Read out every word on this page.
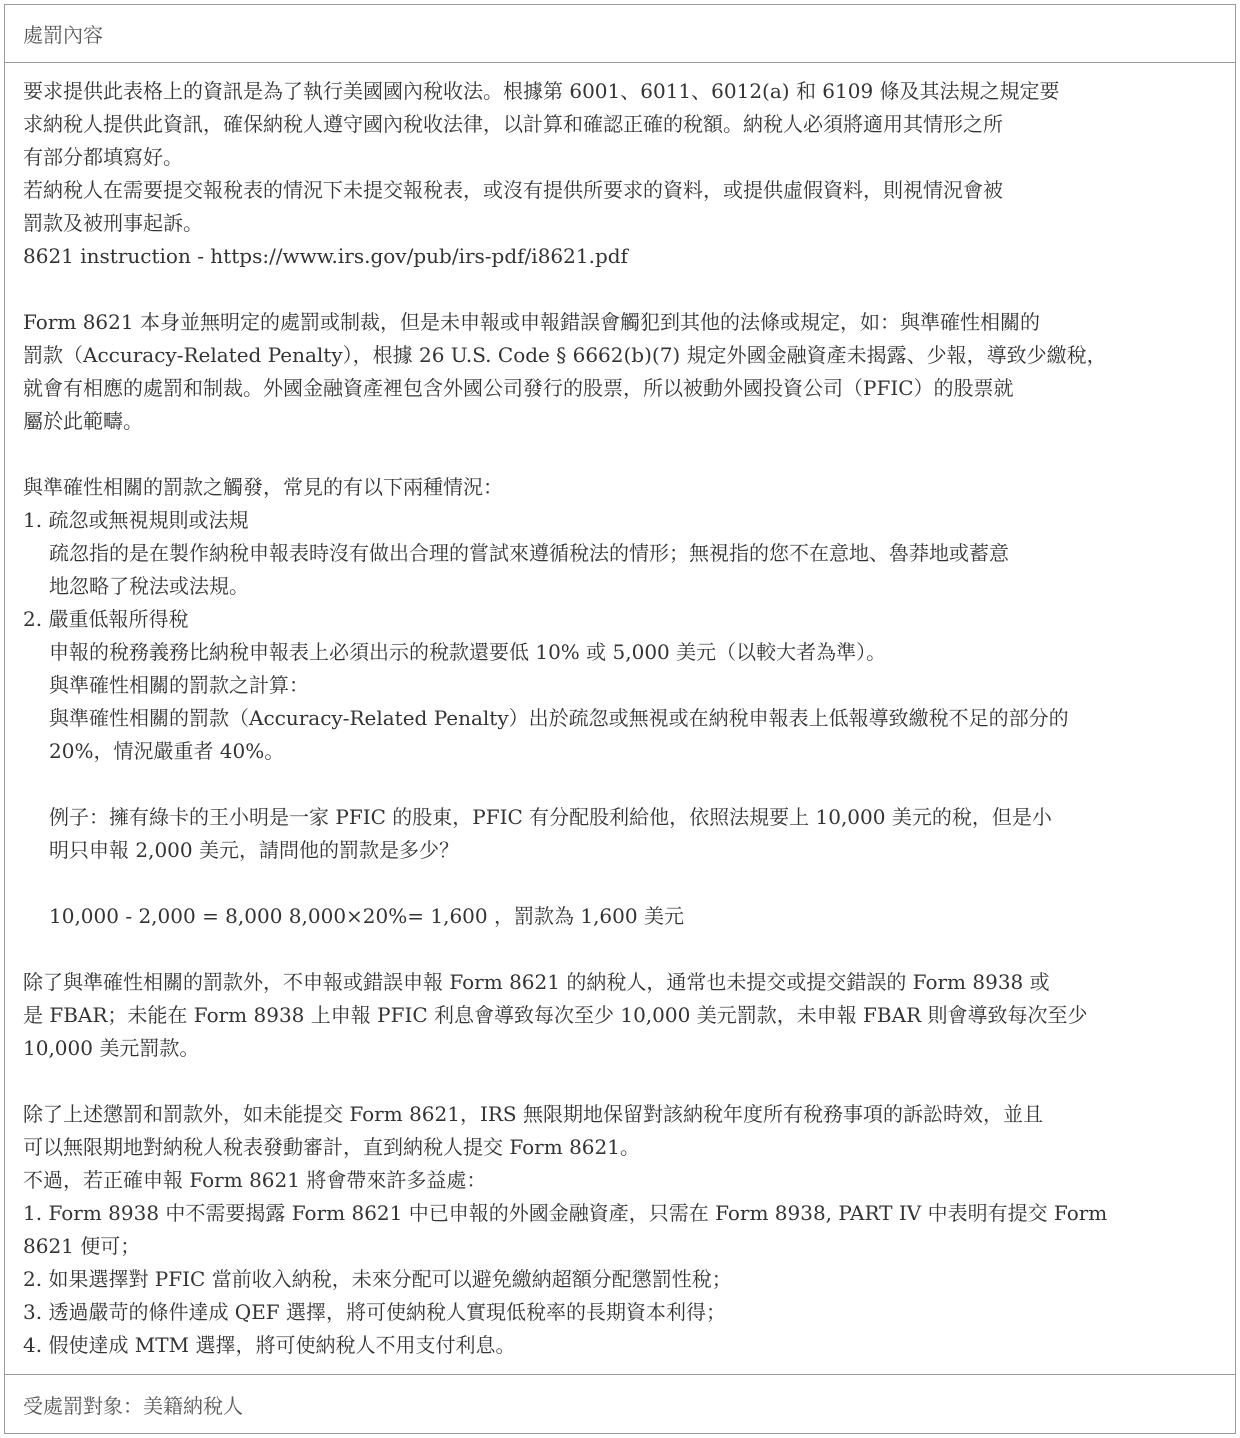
處罰內容
要求提供此表格上的資訊是為了執行美國國內稅收法。根據第 6001、6011、6012(a) 和 6109 條及其法規之規定要
求納稅人提供此資訊，確保納稅人遵守國內稅收法律，以計算和確認正確的稅額。納稅人必須將適用其情形之所
有部分都填寫好。
若納稅人在需要提交報稅表的情況下未提交報稅表，或沒有提供所要求的資料，或提供虛假資料，則視情況會被
罰款及被刑事起訴。
8621 instruction - https://www.irs.gov/pub/irs-pdf/i8621.pdf
Form 8621 本身並無明定的處罰或制裁，但是未申報或申報錯誤會觸犯到其他的法條或規定，如：與準確性相關的
罰款（Accuracy-Related Penalty），根據 26 U.S. Code § 6662(b)(7) 規定外國金融資產未揭露、少報，導致少繳稅，
就會有相應的處罰和制裁。外國金融資產裡包含外國公司發行的股票，所以被動外國投資公司（PFIC）的股票就
屬於此範疇。
與準確性相關的罰款之觸發，常見的有以下兩種情況：
1. 疏忽或無視規則或法規
疏忽指的是在製作納稅申報表時沒有做出合理的嘗試來遵循稅法的情形；無視指的您不在意地、魯莽地或蓄意
地忽略了稅法或法規。
2. 嚴重低報所得稅
申報的稅務義務比納稅申報表上必須出示的稅款還要低 10% 或 5,000 美元（以較大者為準）。
與準確性相關的罰款之計算：
與準確性相關的罰款（Accuracy-Related Penalty）出於疏忽或無視或在納稅申報表上低報導致繳稅不足的部分的
20%，情況嚴重者 40%。
例子：擁有綠卡的王小明是一家 PFIC 的股東，PFIC 有分配股利給他，依照法規要上 10,000 美元的稅，但是小
明只申報 2,000 美元，請問他的罰款是多少？
10,000 - 2,000 = 8,000 8,000×20%= 1,600 ，罰款為 1,600 美元
除了與準確性相關的罰款外，不申報或錯誤申報 Form 8621 的納稅人，通常也未提交或提交錯誤的 Form 8938 或
是 FBAR；未能在 Form 8938 上申報 PFIC 利息會導致每次至少 10,000 美元罰款，未申報 FBAR 則會導致每次至少
10,000 美元罰款。
除了上述懲罰和罰款外，如未能提交 Form 8621，IRS 無限期地保留對該納稅年度所有稅務事項的訴訟時效，並且
可以無限期地對納稅人稅表發動審計，直到納稅人提交 Form 8621。
不過，若正確申報 Form 8621 將會帶來許多益處：
1. Form 8938 中不需要揭露 Form 8621 中已申報的外國金融資產，只需在 Form 8938, PART IV 中表明有提交 Form
8621 便可；
2. 如果選擇對 PFIC 當前收入納稅，未來分配可以避免繳納超額分配懲罰性稅；
3. 透過嚴苛的條件達成 QEF 選擇，將可使納稅人實現低稅率的長期資本利得；
4. 假使達成 MTM 選擇，將可使納稅人不用支付利息。
受處罰對象：美籍納稅人
